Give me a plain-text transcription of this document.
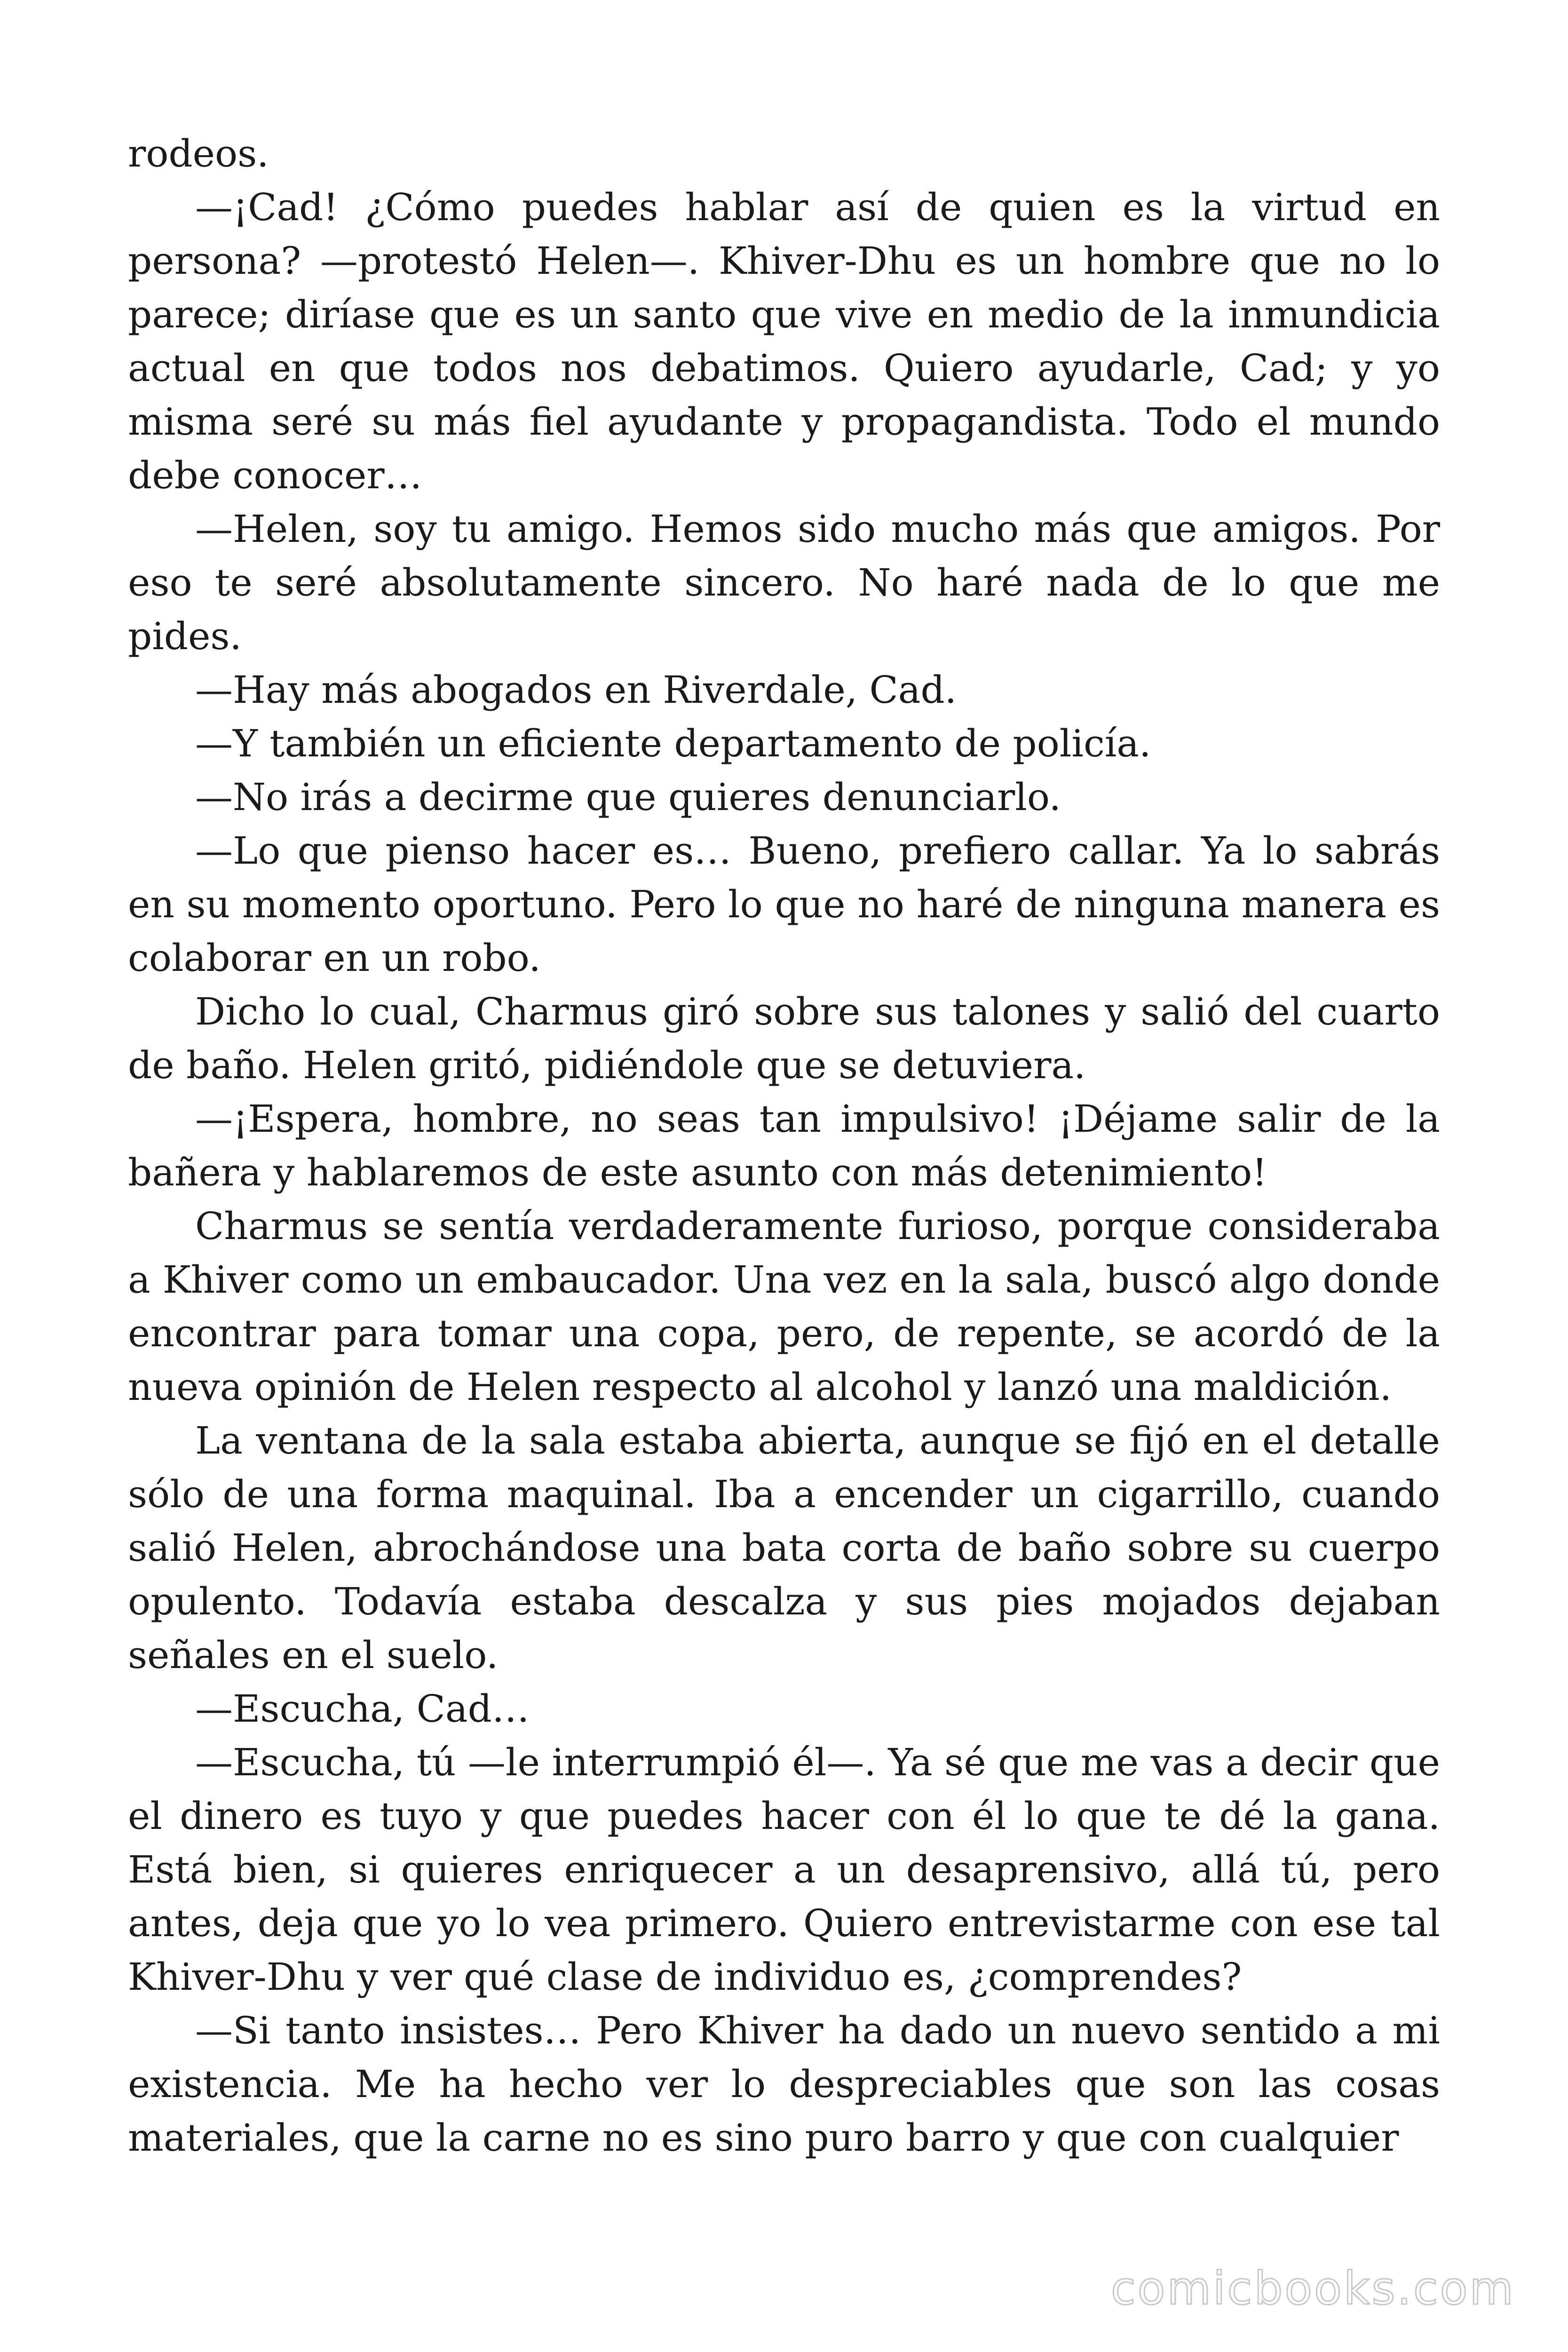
rodeos.

—¡Cad! ¿Cómo puedes hablar así de quien es la virtud en persona? —protestó Helen—. Khiver-Dhu es un hombre que no lo parece; diríase que es un santo que vive en medio de la inmundicia actual en que todos nos debatimos. Quiero ayudarle, Cad; y yo misma seré su más fiel ayudante y propagandista. Todo el mundo debe conocer…

—Helen, soy tu amigo. Hemos sido mucho más que amigos. Por eso te seré absolutamente sincero. No haré nada de lo que me pides.

—Hay más abogados en Riverdale, Cad.

—Y también un eficiente departamento de policía.

—No irás a decirme que quieres denunciarlo.

—Lo que pienso hacer es… Bueno, prefiero callar. Ya lo sabrás en su momento oportuno. Pero lo que no haré de ninguna manera es colaborar en un robo.

Dicho lo cual, Charmus giró sobre sus talones y salió del cuarto de baño. Helen gritó, pidiéndole que se detuviera.

—¡Espera, hombre, no seas tan impulsivo! ¡Déjame salir de la bañera y hablaremos de este asunto con más detenimiento!

Charmus se sentía verdaderamente furioso, porque consideraba a Khiver como un embaucador. Una vez en la sala, buscó algo donde encontrar para tomar una copa, pero, de repente, se acordó de la nueva opinión de Helen respecto al alcohol y lanzó una maldición.

La ventana de la sala estaba abierta, aunque se fijó en el detalle sólo de una forma maquinal. Iba a encender un cigarrillo, cuando salió Helen, abrochándose una bata corta de baño sobre su cuerpo opulento. Todavía estaba descalza y sus pies mojados dejaban señales en el suelo.

—Escucha, Cad…

—Escucha, tú —le interrumpió él—. Ya sé que me vas a decir que el dinero es tuyo y que puedes hacer con él lo que te dé la gana. Está bien, si quieres enriquecer a un desaprensivo, allá tú, pero antes, deja que yo lo vea primero. Quiero entrevistarme con ese tal Khiver-Dhu y ver qué clase de individuo es, ¿comprendes?

—Si tanto insistes… Pero Khiver ha dado un nuevo sentido a mi existencia. Me ha hecho ver lo despreciables que son las cosas materiales, que la carne no es sino puro barro y que con cualquier

comicbooks.com
